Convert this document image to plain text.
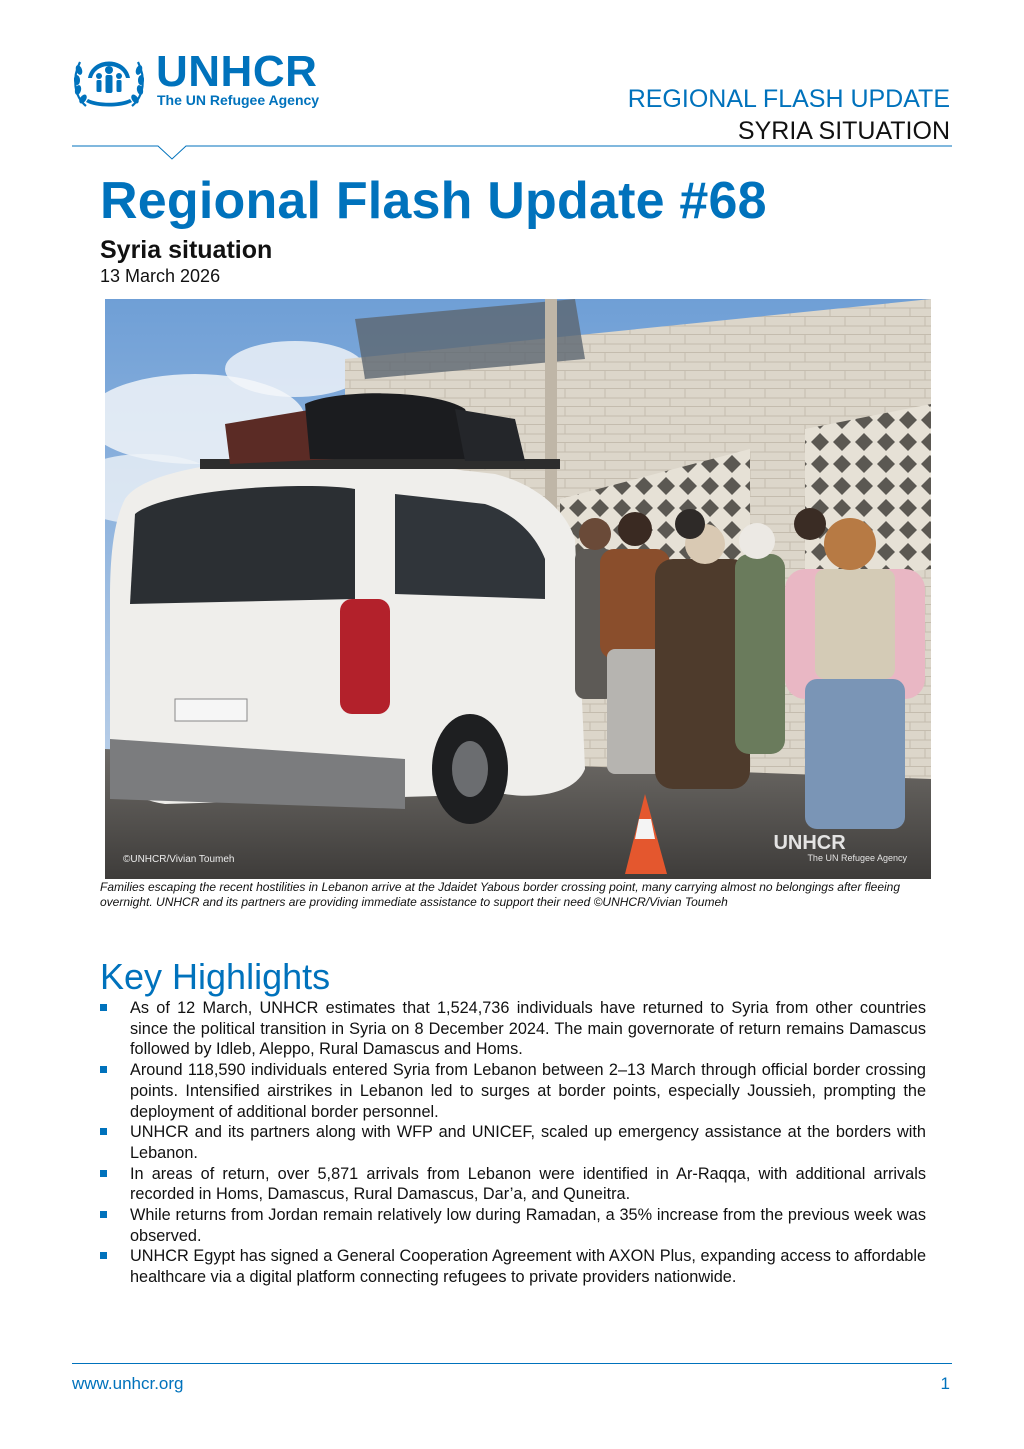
UNHCR
The UN Refugee Agency	REGIONAL FLASH UPDATE
SYRIA SITUATION
Regional Flash Update #68
Syria situation
13 March 2026
©UNHCR/Vivian Toumeh
UNHCR
The UN Refugee Agency

Families escaping the recent hostilities in Lebanon arrive at the Jdaidet Yabous border crossing point, many carrying almost no belongings after fleeing overnight. UNHCR and its partners are providing immediate assistance to support their need ©UNHCR/Vivian Toumeh

Key Highlights
As of 12 March, UNHCR estimates that 1,524,736 individuals have returned to Syria from other countries since the political transition in Syria on 8 December 2024. The main governorate of return remains Damascus followed by Idleb, Aleppo, Rural Damascus and Homs.
Around 118,590 individuals entered Syria from Lebanon between 2–13 March through official border crossing points. Intensified airstrikes in Lebanon led to surges at border points, especially Joussieh, prompting the deployment of additional border personnel.
UNHCR and its partners along with WFP and UNICEF, scaled up emergency assistance at the borders with Lebanon.
In areas of return, over 5,871 arrivals from Lebanon were identified in Ar-Raqqa, with additional arrivals recorded in Homs, Damascus, Rural Damascus, Dar’a, and Quneitra.
While returns from Jordan remain relatively low during Ramadan, a 35% increase from the previous week was observed.
UNHCR Egypt has signed a General Cooperation Agreement with AXON Plus, expanding access to affordable healthcare via a digital platform connecting refugees to private providers nationwide.
www.unhcr.org	1
